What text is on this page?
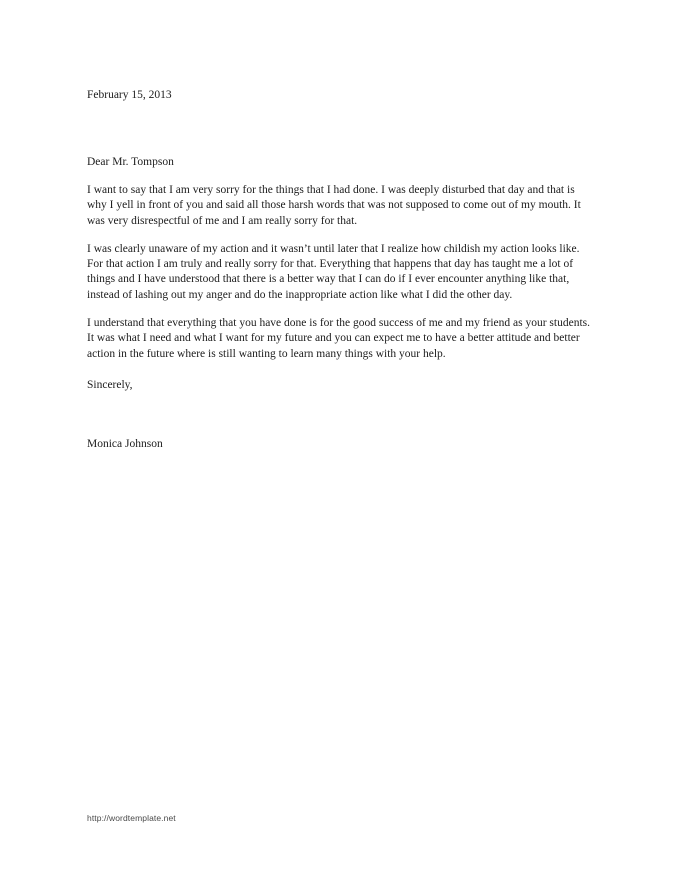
February 15, 2013

Dear Mr. Tompson

I want to say that I am very sorry for the things that I had done. I was deeply disturbed that day and that is why I yell in front of you and said all those harsh words that was not supposed to come out of my mouth. It was very disrespectful of me and I am really sorry for that.

I was clearly unaware of my action and it wasn’t until later that I realize how childish my action looks like. For that action I am truly and really sorry for that. Everything that happens that day has taught me a lot of things and I have understood that there is a better way that I can do if I ever encounter anything like that, instead of lashing out my anger and do the inappropriate action like what I did the other day.

I understand that everything that you have done is for the good success of me and my friend as your students. It was what I need and what I want for my future and you can expect me to have a better attitude and better action in the future where is still wanting to learn many things with your help.

Sincerely,

Monica Johnson

http://wordtemplate.net
